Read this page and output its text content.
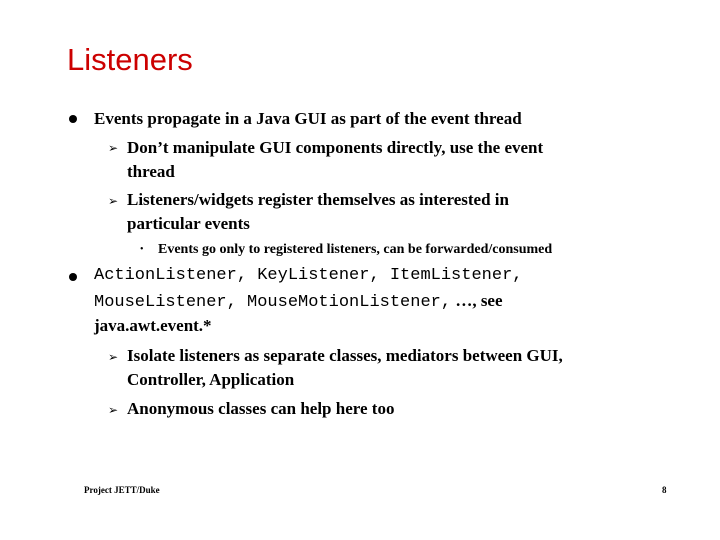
Listeners
Events propagate in a Java GUI as part of the event thread
➢ Don’t manipulate GUI components directly, use the event
thread
➢ Listeners/widgets register themselves as interested in
particular events
• Events go only to registered listeners, can be forwarded/consumed
ActionListener, KeyListener, ItemListener,
MouseListener, MouseMotionListener, …, see
java.awt.event.*
➢ Isolate listeners as separate classes, mediators between GUI,
Controller, Application
➢ Anonymous classes can help here too
Project JETT/Duke	8
